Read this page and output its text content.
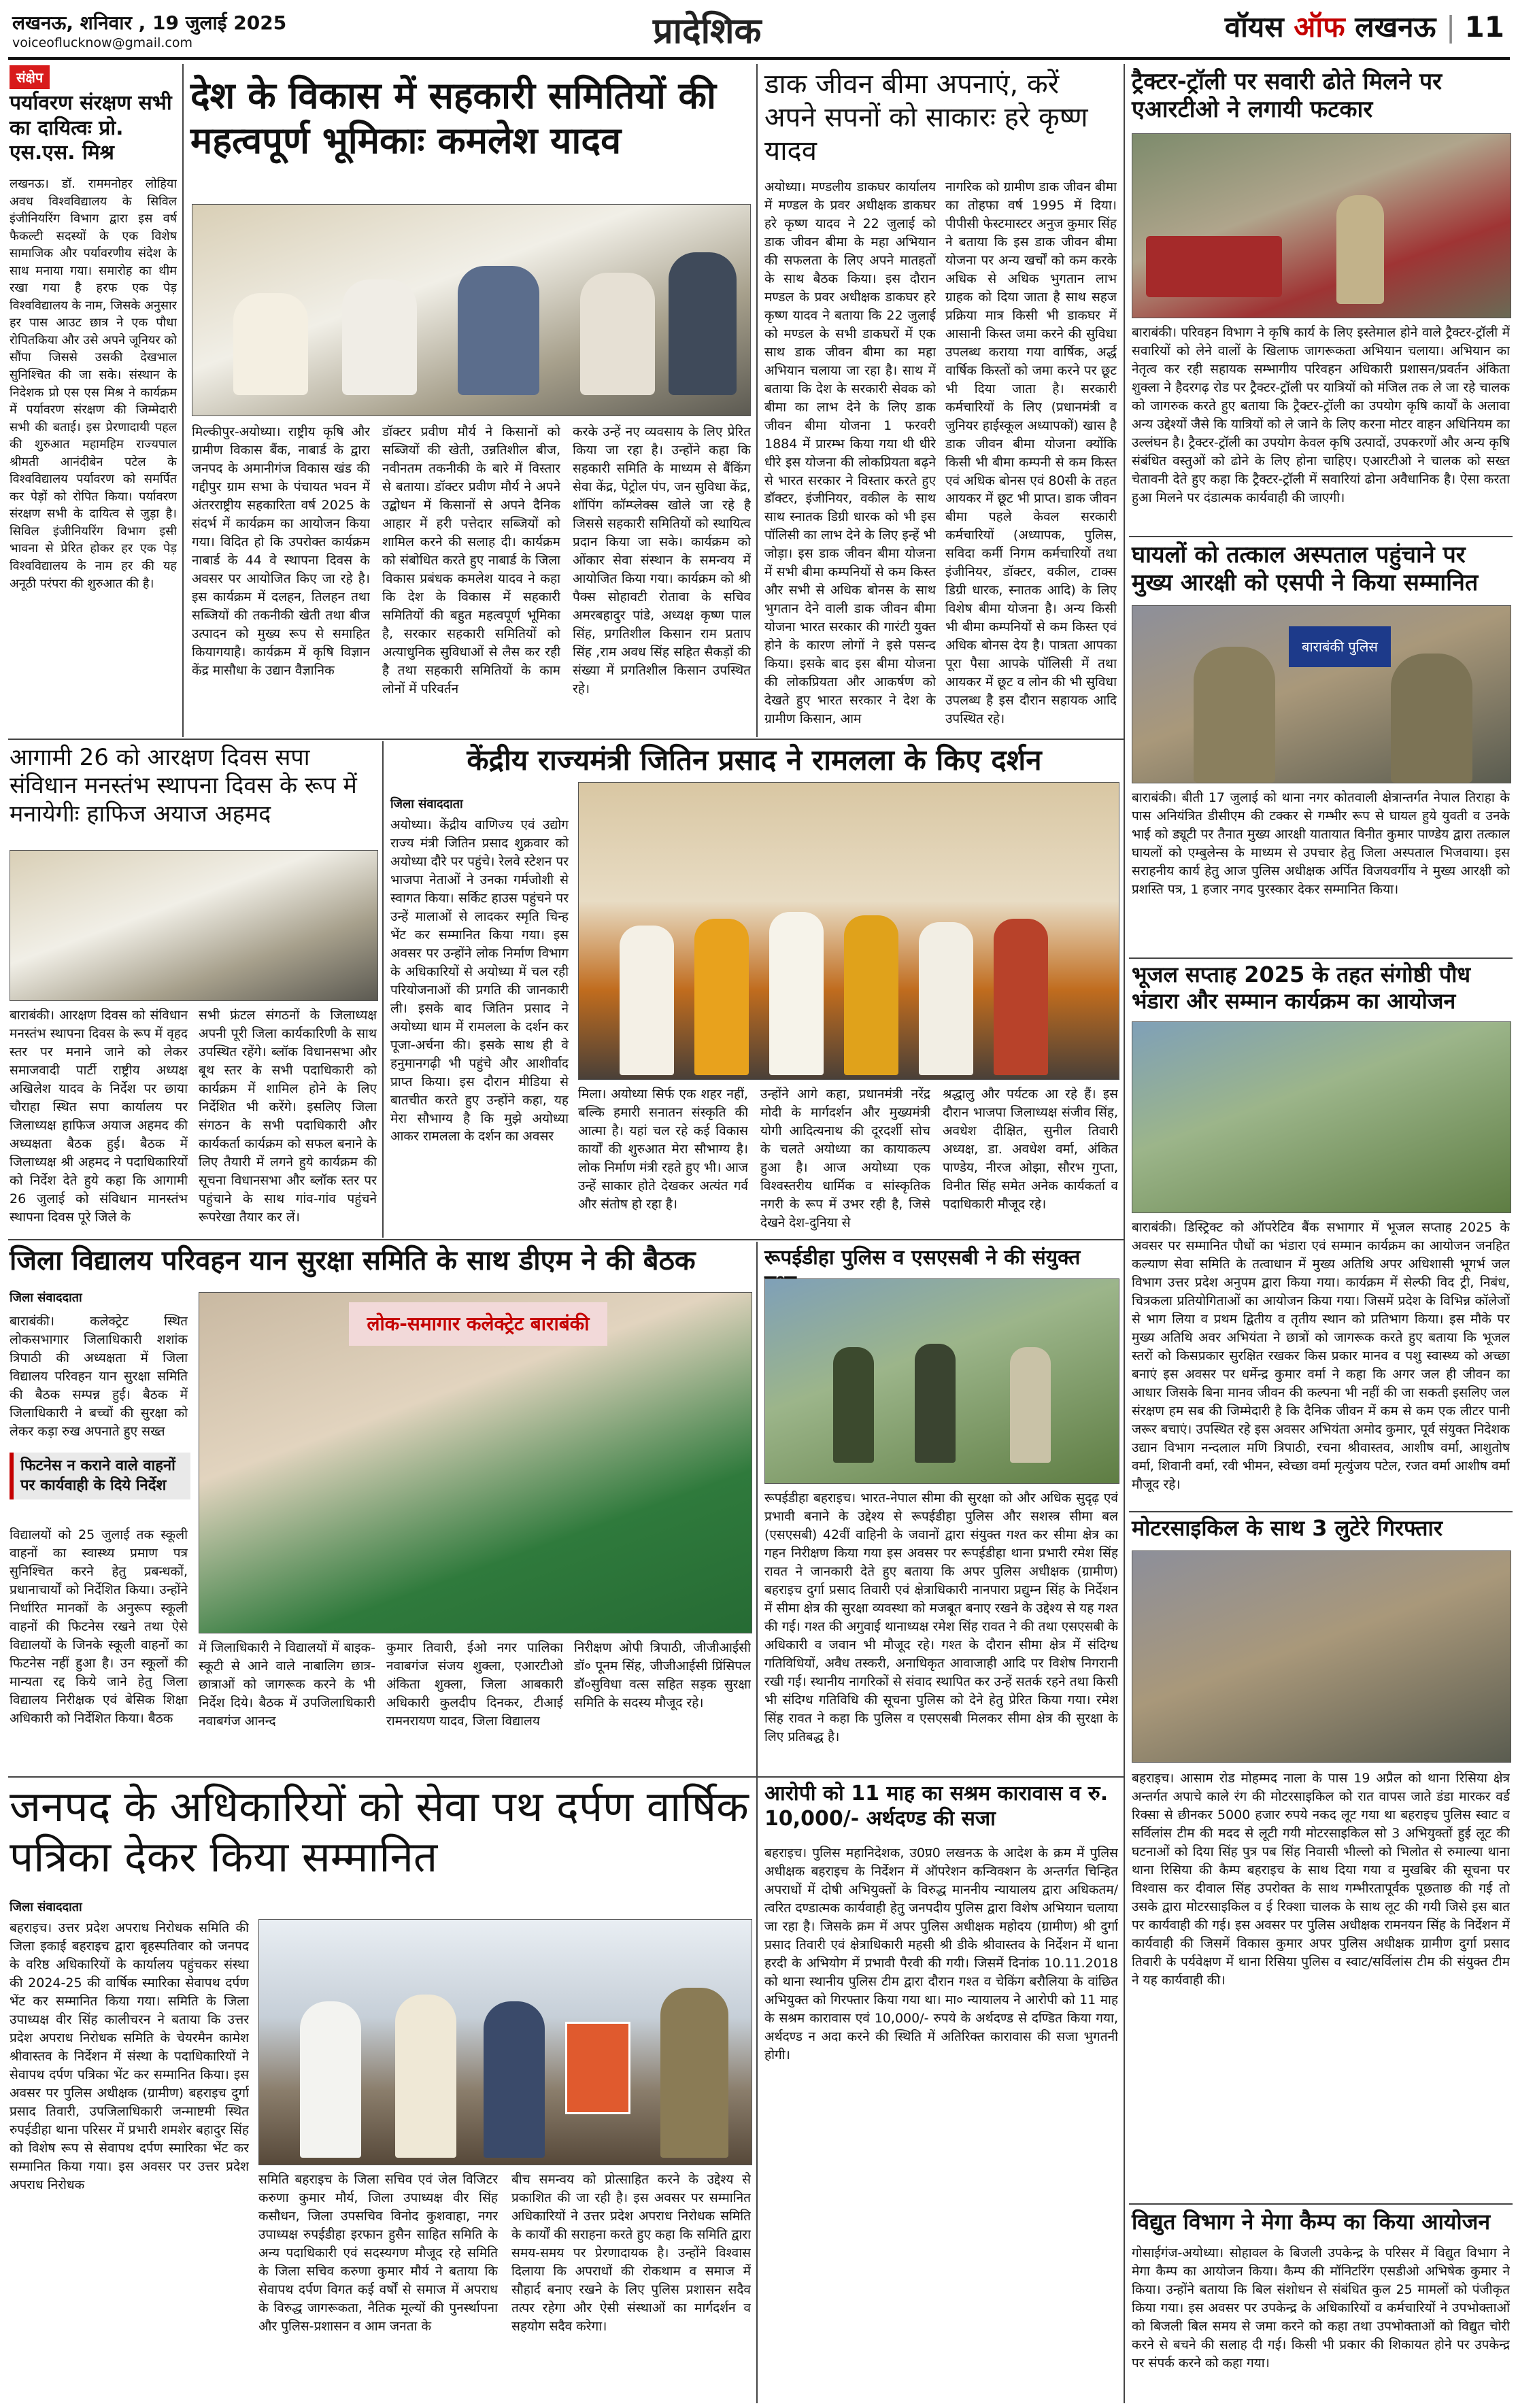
लखनऊ, शनिवार , 19 जुलाई 2025
voiceoflucknow@gmail.com	प्रादेशिक	वॉयस ऑफ लखनऊ | 11
संक्षेप
पर्यावरण संरक्षण सभी का दायित्वः प्रो. एस.एस. मिश्र
लखनऊ। डॉ. राममनोहर लोहिया अवध विश्वविद्यालय के सिविल इंजीनियरिंग विभाग द्वारा इस वर्ष फैकल्टी सदस्यों के एक विशेष सामाजिक और पर्यावरणीय संदेश के साथ मनाया गया। समारोह का थीम रखा गया है हरफ एक पेड़ विश्वविद्यालय के नाम, जिसके अनुसार हर पास आउट छात्र ने एक पौधा रोपितकिया और उसे अपने जूनियर को सौंपा जिससे उसकी देखभाल सुनिश्चित की जा सके। संस्थान के निदेशक प्रो एस एस मिश्र ने कार्यक्रम में पर्यावरण संरक्षण की जिम्मेदारी सभी की बताई। इस प्रेरणादायी पहल की शुरुआत महामहिम राज्यपाल श्रीमती आनंदीबेन पटेल के विश्वविद्यालय पर्यावरण को समर्पित कर पेड़ों को रोपित किया। पर्यावरण संरक्षण सभी के दायित्व से जुड़ा है। सिविल इंजीनियरिंग विभाग इसी भावना से प्रेरित होकर हर एक पेड़ विश्वविद्यालय के नाम हर की यह अनूठी परंपरा की शुरुआत की है।
देश के विकास में सहकारी समितियों की महत्वपूर्ण भूमिकाः कमलेश यादव
मिल्कीपुर-अयोध्या। राष्ट्रीय कृषि और ग्रामीण विकास बैंक, नाबार्ड के द्वारा जनपद के अमानीगंज विकास खंड की गद्दीपुर ग्राम सभा के पंचायत भवन में अंतरराष्ट्रीय सहकारिता वर्ष 2025 के संदर्भ में कार्यक्रम का आयोजन किया गया। विदित हो कि उपरोक्त कार्यक्रम नाबार्ड के 44 वे स्थापना दिवस के अवसर पर आयोजित किए जा रहे है। इस कार्यक्रम में दलहन, तिलहन तथा सब्जियों की तकनीकी खेती तथा बीज उत्पादन को मुख्य रूप से समाहित कियागयाहै। कार्यक्रम में कृषि विज्ञान केंद्र मासौधा के उद्यान वैज्ञानिक
डॉक्टर प्रवीण मौर्य ने किसानों को सब्जियों की खेती, उन्नतिशील बीज, नवीनतम तकनीकी के बारे में विस्तार से बताया। डॉक्टर प्रवीण मौर्य ने अपने उद्बोधन में किसानों से अपने दैनिक आहार में हरी पत्तेदार सब्जियों को शामिल करने की सलाह दी। कार्यक्रम को संबोधित करते हुए नाबार्ड के जिला विकास प्रबंधक कमलेश यादव ने कहा कि देश के विकास में सहकारी समितियों की बहुत महत्वपूर्ण भूमिका है, सरकार सहकारी समितियों को अत्याधुनिक सुविधाओं से लैस कर रही है तथा सहकारी समितियों के काम लोनों में परिवर्तन
करके उन्हें नए व्यवसाय के लिए प्रेरित किया जा रहा है। उन्होंने कहा कि सहकारी समिति के माध्यम से बैंकिंग सेवा केंद्र, पेट्रोल पंप, जन सुविधा केंद्र, शॉपिंग कॉम्प्लेक्स खोले जा रहे है जिससे सहकारी समितियों को स्थायित्व प्रदान किया जा सके। कार्यक्रम को ओंकार सेवा संस्थान के समन्वय में आयोजित किया गया। कार्यक्रम को श्री पैक्स सोहावटी रोतावा के सचिव अमरबहादुर पांडे, अध्यक्ष कृष्ण पाल सिंह, प्रगतिशील किसान राम प्रताप सिंह ,राम अवध सिंह सहित सैकड़ों की संख्या में प्रगतिशील किसान उपस्थित रहे।
डाक जीवन बीमा अपनाएं, करें अपने सपनों को साकारः हरे कृष्ण यादव
अयोध्या। मण्डलीय डाकघर कार्यालय में मण्डल के प्रवर अधीक्षक डाकघर हरे कृष्ण यादव ने 22 जुलाई को डाक जीवन बीमा के महा अभियान की सफलता के लिए अपने मातहतों के साथ बैठक किया। इस दौरान मण्डल के प्रवर अधीक्षक डाकघर हरे कृष्ण यादव ने बताया कि 22 जुलाई को मण्डल के सभी डाकघरों में एक साथ डाक जीवन बीमा का महा अभियान चलाया जा रहा है। साथ में बताया कि देश के सरकारी सेवक को बीमा का लाभ देने के लिए डाक जीवन बीमा योजना 1 फरवरी 1884 में प्रारम्भ किया गया थी धीरे धीरे इस योजना की लोकप्रियता बढ़ने से भारत सरकार ने विस्तार करते हुए डॉक्टर, इंजीनियर, वकील के साथ साथ स्नातक डिग्री धारक को भी इस पॉलिसी का लाभ देने के लिए इन्हें भी जोड़ा। इस डाक जीवन बीमा योजना में सभी बीमा कम्पनियों से कम किस्त और सभी से अधिक बोनस के साथ भुगतान देने वाली डाक जीवन बीमा योजना भारत सरकार की गारंटी युक्त होने के कारण लोगों ने इसे पसन्द किया। इसके बाद इस बीमा योजना की लोकप्रियता और आकर्षण को देखते हुए भारत सरकार ने देश के ग्रामीण किसान, आम
नागरिक को ग्रामीण डाक जीवन बीमा का तोहफा वर्ष 1995 में दिया। पीपीसी फेस्टमास्टर अनुज कुमार सिंह ने बताया कि इस डाक जीवन बीमा योजना पर अन्य खर्चों को कम करके अधिक से अधिक भुगतान लाभ ग्राहक को दिया जाता है साथ सहज प्रक्रिया मात्र किसी भी डाकघर में आसानी किस्त जमा करने की सुविधा उपलब्ध कराया गया वार्षिक, अर्द्ध वार्षिक किस्तों को जमा करने पर छूट भी दिया जाता है। सरकारी कर्मचारियों के लिए (प्रधानमंत्री व जुनियर हाईस्कूल अध्यापकों) खास है डाक जीवन बीमा योजना क्योंकि किसी भी बीमा कम्पनी से कम किस्त एवं अधिक बोनस एवं 80सी के तहत आयकर में छूट भी प्राप्त। डाक जीवन बीमा पहले केवल सरकारी कर्मचारियों (अध्यापक, पुलिस, सविदा कर्मी निगम कर्मचारियों तथा इंजीनियर, डॉक्टर, वकील, टाक्स डिग्री धारक, स्नातक आदि) के लिए विशेष बीमा योजना है। अन्य किसी भी बीमा कम्पनियों से कम किस्त एवं अधिक बोनस देय है। पात्रता आपका पूरा पैसा आपके पॉलिसी में तथा आयकर में छूट व लोन की भी सुविधा उपलब्ध है इस दौरान सहायक आदि उपस्थित रहे।
ट्रैक्टर-ट्रॉली पर सवारी ढोते मिलने पर एआरटीओ ने लगायी फटकार
बाराबंकी। परिवहन विभाग ने कृषि कार्य के लिए इस्तेमाल होने वाले ट्रैक्टर-ट्रॉली में सवारियों को लेने वालों के खिलाफ जागरूकता अभियान चलाया। अभियान का नेतृत्व कर रही सहायक सम्भागीय परिवहन अधिकारी प्रशासन/प्रवर्तन अंकिता शुक्ला ने हैदरगढ़ रोड पर ट्रैक्टर-ट्रॉली पर यात्रियों को मंजिल तक ले जा रहे चालक को जागरुक करते हुए बताया कि ट्रैक्टर-ट्रॉली का उपयोग कृषि कार्यों के अलावा अन्य उद्देश्यों जैसे कि यात्रियों को ले जाने के लिए करना मोटर वाहन अधिनियम का उल्लंघन है। ट्रैक्टर-ट्रॉली का उपयोग केवल कृषि उत्पादों, उपकरणों और अन्य कृषि संबंधित वस्तुओं को ढोने के लिए होना चाहिए। एआरटीओ ने चालक को सख्त चेतावनी देते हुए कहा कि ट्रैक्टर-ट्रॉली में सवारियां ढोना अवैधानिक है। ऐसा करता हुआ मिलने पर दंडात्मक कार्यवाही की जाएगी।
घायलों को तत्काल अस्पताल पहुंचाने पर मुख्य आरक्षी को एसपी ने किया सम्मानित
बाराबंकी पुलिस
बाराबंकी। बीती 17 जुलाई को थाना नगर कोतवाली क्षेत्रान्तर्गत नेपाल तिराहा के पास अनियंत्रित डीसीएम की टक्कर से गम्भीर रूप से घायल हुये युवती व उनके भाई को ड्यूटी पर तैनात मुख्य आरक्षी यातायात विनीत कुमार पाण्डेय द्वारा तत्काल घायलों को एम्बुलेन्स के माध्यम से उपचार हेतु जिला अस्पताल भिजवाया। इस सराहनीय कार्य हेतु आज पुलिस अधीक्षक अर्पित विजयवर्गीय ने मुख्य आरक्षी को प्रशस्ति पत्र, 1 हजार नगद पुरस्कार देकर सम्मानित किया।
भूजल सप्ताह 2025 के तहत संगोष्ठी पौध भंडारा और सम्मान कार्यक्रम का आयोजन
बाराबंकी। डिस्ट्रिक्ट को ऑपरेटिव बैंक सभागार में भूजल सप्ताह 2025 के अवसर पर सम्मानित पौधों का भंडारा एवं सम्मान कार्यक्रम का आयोजन जनहित कल्याण सेवा समिति के तत्वाधान में मुख्य अतिथि अपर अधिशासी भूगर्भ जल विभाग उत्तर प्रदेश अनुपम द्वारा किया गया। कार्यक्रम में सेल्फी विद ट्री, निबंध, चित्रकला प्रतियोगिताओं का आयोजन किया गया। जिसमें प्रदेश के विभिन्न कॉलेजों से भाग लिया व प्रथम द्वितीय व तृतीय स्थान को प्रतिभाग किया। इस मौके पर मुख्य अतिथि अवर अभियंता ने छात्रों को जागरूक करते हुए बताया कि भूजल स्तरों को किसप्रकार सुरक्षित रखकर किस प्रकार मानव व पशु स्वास्थ्य को अच्छा बनाएं इस अवसर पर धर्मेन्द्र कुमार वर्मा ने कहा कि अगर जल ही जीवन का आधार जिसके बिना मानव जीवन की कल्पना भी नहीं की जा सकती इसलिए जल संरक्षण हम सब की जिम्मेदारी है कि दैनिक जीवन में कम से कम एक लीटर पानी जरूर बचाएं। उपस्थित रहे इस अवसर अभियंता अमोद कुमार, पूर्व संयुक्त निदेशक उद्यान विभाग नन्दलाल मणि त्रिपाठी, रचना श्रीवास्तव, आशीष वर्मा, आशुतोष वर्मा, शिवानी वर्मा, रवी भीमन, स्वेच्छा वर्मा मृत्युंजय पटेल, रजत वर्मा आशीष वर्मा मौजूद रहे।
मोटरसाइकिल के साथ 3 लुटेरे गिरफ्तार
बहराइच। आसाम रोड मोहम्मद नाला के पास 19 अप्रैल को थाना रिसिया क्षेत्र अन्तर्गत अपाचे काले रंग की मोटरसाइकिल को रात वापस जाते डंडा मारकर वर्ड रिक्सा से छीनकर 5000 हजार रुपये नकद लूट गया था बहराइच पुलिस स्वाट व सर्विलांस टीम की मदद से लूटी गयी मोटरसाइकिल सो 3 अभियुक्तों हुई लूट की घटनाओं को दिया सिंह पुत्र पब सिंह निवासी भील्लो को भिलोत से रुमाल्या थाना थाना रिसिया की कैम्प बहराइच के साथ दिया गया व मुखबिर की सूचना पर विश्वास कर दीवाल सिंह उपरोक्त के साथ गम्भीरतापूर्वक पूछताछ की गई तो उसके द्वारा मोटरसाइकिल व ई रिक्शा चालक के साथ लूट की गयी जिसे इस बात पर कार्यवाही की गई। इस अवसर पर पुलिस अधीक्षक रामनयन सिंह के निर्देशन में कार्यवाही की जिसमें विकास कुमार अपर पुलिस अधीक्षक ग्रामीण दुर्गा प्रसाद तिवारी के पर्यवेक्षण में थाना रिसिया पुलिस व स्वाट/सर्विलांस टीम की संयुक्त टीम ने यह कार्यवाही की।
विद्युत विभाग ने मेगा कैम्प का किया आयोजन
गोसाईगंज-अयोध्या। सोहावल के बिजली उपकेन्द्र के परिसर में विद्युत विभाग ने मेगा कैम्प का आयोजन किया। कैम्प की मॉनिटरिंग एसडीओ अभिषेक कुमार ने किया। उन्होंने बताया कि बिल संशोधन से संबंधित कुल 25 मामलों को पंजीकृत किया गया। इस अवसर पर उपकेन्द्र के अधिकारियों व कर्मचारियों ने उपभोक्ताओं को बिजली बिल समय से जमा करने को कहा तथा उपभोक्ताओं को विद्युत चोरी करने से बचने की सलाह दी गई। किसी भी प्रकार की शिकायत होने पर उपकेन्द्र पर संपर्क करने को कहा गया।
आगामी 26 को आरक्षण दिवस सपा संविधान मनस्तंभ स्थापना दिवस के रूप में मनायेगीः हाफिज अयाज अहमद
बाराबंकी। आरक्षण दिवस को संविधान मनस्तंभ स्थापना दिवस के रूप में वृहद स्तर पर मनाने जाने को लेकर समाजवादी पार्टी राष्ट्रीय अध्यक्ष अखिलेश यादव के निर्देश पर छाया चौराहा स्थित सपा कार्यालय पर जिलाध्यक्ष हाफिज अयाज अहमद की अध्यक्षता बैठक हुई। बैठक में जिलाध्यक्ष श्री अहमद ने पदाधिकारियों को निर्देश देते हुये कहा कि आगामी 26 जुलाई को संविधान मानस्तंभ स्थापना दिवस पूरे जिले के
सभी फ्रंटल संगठनों के जिलाध्यक्ष अपनी पूरी जिला कार्यकारिणी के साथ उपस्थित रहेंगे। ब्लॉक विधानसभा और बूथ स्तर के सभी पदाधिकारी को कार्यक्रम में शामिल होने के लिए निर्देशित भी करेंगे। इसलिए जिला संगठन के सभी पदाधिकारी और कार्यकर्ता कार्यक्रम को सफल बनाने के लिए तैयारी में लगने हुये कार्यक्रम की सूचना विधानसभा और ब्लॉक स्तर पर पहुंचाने के साथ गांव-गांव पहुंचने रूपरेखा तैयार कर लें।
केंद्रीय राज्यमंत्री जितिन प्रसाद ने रामलला के किए दर्शन
जिला संवाददाता
अयोध्या। केंद्रीय वाणिज्य एवं उद्योग राज्य मंत्री जितिन प्रसाद शुक्रवार को अयोध्या दौरे पर पहुंचे। रेलवे स्टेशन पर भाजपा नेताओं ने उनका गर्मजोशी से स्वागत किया। सर्किट हाउस पहुंचने पर उन्हें मालाओं से लादकर स्मृति चिन्ह भेंट कर सम्मानित किया गया। इस अवसर पर उन्होंने लोक निर्माण विभाग के अधिकारियों से अयोध्या में चल रही परियोजनाओं की प्रगति की जानकारी ली। इसके बाद जितिन प्रसाद ने अयोध्या धाम में रामलला के दर्शन कर पूजा-अर्चना की। इसके साथ ही वे हनुमानगढ़ी भी पहुंचे और आशीर्वाद प्राप्त किया। इस दौरान मीडिया से बातचीत करते हुए उन्होंने कहा, यह मेरा सौभाग्य है कि मुझे अयोध्या आकर रामलला के दर्शन का अवसर
मिला। अयोध्या सिर्फ एक शहर नहीं, बल्कि हमारी सनातन संस्कृति की आत्मा है। यहां चल रहे कई विकास कार्यों की शुरुआत मेरा सौभाग्य है। लोक निर्माण मंत्री रहते हुए भी। आज उन्हें साकार होते देखकर अत्यंत गर्व और संतोष हो रहा है।
उन्होंने आगे कहा, प्रधानमंत्री नरेंद्र मोदी के मार्गदर्शन और मुख्यमंत्री योगी आदित्यनाथ की दूरदर्शी सोच के चलते अयोध्या का कायाकल्प हुआ है। आज अयोध्या एक विश्वस्तरीय धार्मिक व सांस्कृतिक नगरी के रूप में उभर रही है, जिसे देखने देश-दुनिया से
श्रद्धालु और पर्यटक आ रहे हैं। इस दौरान भाजपा जिलाध्यक्ष संजीव सिंह, अवधेश दीक्षित, सुनील तिवारी अध्यक्ष, डा. अवधेश वर्मा, अंकित पाण्डेय, नीरज ओझा, सौरभ गुप्ता, विनीत सिंह समेत अनेक कार्यकर्ता व पदाधिकारी मौजूद रहे।
जिला विद्यालय परिवहन यान सुरक्षा समिति के साथ डीएम ने की बैठक
जिला संवाददाता
बाराबंकी। कलेक्ट्रेट स्थित लोकसभागार जिलाधिकारी शशांक त्रिपाठी की अध्यक्षता में जिला विद्यालय परिवहन यान सुरक्षा समिति की बैठक सम्पन्न हुई। बैठक में जिलाधिकारी ने बच्चों की सुरक्षा को लेकर कड़ा रुख अपनाते हुए सख्त
फिटनेस न कराने वाले वाहनों पर कार्यवाही के दिये निर्देश
विद्यालयों को 25 जुलाई तक स्कूली वाहनों का स्वास्थ्य प्रमाण पत्र सुनिश्चित करने हेतु प्रबन्धकों, प्रधानाचार्यों को निर्देशित किया। उन्होंने निर्धारित मानकों के अनुरूप स्कूली वाहनों की फिटनेस रखने तथा ऐसे विद्यालयों के जिनके स्कूली वाहनों का फिटनेस नहीं हुआ है। उन स्कूलों की मान्यता रद्द किये जाने हेतु जिला विद्यालय निरीक्षक एवं बेसिक शिक्षा अधिकारी को निर्देशित किया। बैठक
लोक-समागार कलेक्ट्रेट बाराबंकी
में जिलाधिकारी ने विद्यालयों में बाइक-स्कूटी से आने वाले नाबालिग छात्र-छात्राओं को जागरूक करने के भी निर्देश दिये। बैठक में उपजिलाधिकारी नवाबगंज आनन्द
कुमार तिवारी, ईओ नगर पालिका नवाबगंज संजय शुक्ला, एआरटीओ अंकिता शुक्ला, जिला आबकारी अधिकारी कुलदीप दिनकर, टीआई रामनरायण यादव, जिला विद्यालय
निरीक्षण ओपी त्रिपाठी, जीजीआईसी डॉ० पूनम सिंह, जीजीआईसी प्रिंसिपल डॉ०सुविधा वत्स सहित सड़क सुरक्षा समिति के सदस्य मौजूद रहे।
रूपईडीहा पुलिस व एसएसबी ने की संयुक्त
रूपईडीहा बहराइच। भारत-नेपाल सीमा की सुरक्षा को और अधिक सुदृढ़ एवं प्रभावी बनाने के उद्देश्य से रूपईडीहा पुलिस और सशस्त्र सीमा बल (एसएसबी) 42वीं वाहिनी के जवानों द्वारा संयुक्त गश्त कर सीमा क्षेत्र का गहन निरीक्षण किया गया इस अवसर पर रूपईडीहा थाना प्रभारी रमेश सिंह रावत ने जानकारी देते हुए बताया कि अपर पुलिस अधीक्षक (ग्रामीण) बहराइच दुर्गा प्रसाद तिवारी एवं क्षेत्राधिकारी नानपारा प्रद्युम्न सिंह के निर्देशन में सीमा क्षेत्र की सुरक्षा व्यवस्था को मजबूत बनाए रखने के उद्देश्य से यह गश्त की गई। गश्त की अगुवाई थानाध्यक्ष रमेश सिंह रावत ने की तथा एसएसबी के अधिकारी व जवान भी मौजूद रहे। गश्त के दौरान सीमा क्षेत्र में संदिग्ध गतिविधियों, अवैध तस्करी, अनाधिकृत आवाजाही आदि पर विशेष निगरानी रखी गई। स्थानीय नागरिकों से संवाद स्थापित कर उन्हें सतर्क रहने तथा किसी भी संदिग्ध गतिविधि की सूचना पुलिस को देने हेतु प्रेरित किया गया। रमेश सिंह रावत ने कहा कि पुलिस व एसएसबी मिलकर सीमा क्षेत्र की सुरक्षा के लिए प्रतिबद्ध है।
आरोपी को 11 माह का सश्रम कारावास व रु. 10,000/- अर्थदण्ड की सजा
बहराइच। पुलिस महानिदेशक, उ0प्र0 लखनऊ के आदेश के क्रम में पुलिस अधीक्षक बहराइच के निर्देशन में ऑपरेशन कन्विक्शन के अन्तर्गत चिन्हित अपराधों में दोषी अभियुक्तों के विरुद्ध माननीय न्यायालय द्वारा अधिकतम/त्वरित दण्डात्मक कार्यवाही हेतु जनपदीय पुलिस द्वारा विशेष अभियान चलाया जा रहा है। जिसके क्रम में अपर पुलिस अधीक्षक महोदय (ग्रामीण) श्री दुर्गा प्रसाद तिवारी एवं क्षेत्राधिकारी महसी श्री डीके श्रीवास्तव के निर्देशन में थाना हरदी के अभियोग में प्रभावी पैरवी की गयी। जिसमें दिनांक 10.11.2018 को थाना स्थानीय पुलिस टीम द्वारा दौरान गश्त व चेकिंग बरौलिया के वांछित अभियुक्त को गिरफ्तार किया गया था। मा० न्यायालय ने आरोपी को 11 माह के सश्रम कारावास एवं 10,000/- रुपये के अर्थदण्ड से दण्डित किया गया, अर्थदण्ड न अदा करने की स्थिति में अतिरिक्त कारावास की सजा भुगतनी होगी।
जनपद के अधिकारियों को सेवा पथ दर्पण वार्षिक पत्रिका देकर किया सम्मानित
जिला संवाददाता
बहराइच। उत्तर प्रदेश अपराध निरोधक समिति की जिला इकाई बहराइच द्वारा बृहस्पतिवार को जनपद के वरिष्ठ अधिकारियों के कार्यालय पहुंचकर संस्था की 2024-25 की वार्षिक स्मारिका सेवापथ दर्पण भेंट कर सम्मानित किया गया। समिति के जिला उपाध्यक्ष वीर सिंह कालीचरन ने बताया कि उत्तर प्रदेश अपराध निरोधक समिति के चेयरमैन कामेश श्रीवास्तव के निर्देशन में संस्था के पदाधिकारियों ने सेवापथ दर्पण पत्रिका भेंट कर सम्मानित किया। इस अवसर पर पुलिस अधीक्षक (ग्रामीण) बहराइच दुर्गा प्रसाद तिवारी, उपजिलाधिकारी जन्माष्टमी स्थित रुपईडीहा थाना परिसर में प्रभारी शमशेर बहादुर सिंह को विशेष रूप से सेवापथ दर्पण स्मारिका भेंट कर सम्मानित किया गया। इस अवसर पर उत्तर प्रदेश अपराध निरोधक	समिति बहराइच के जिला सचिव एवं जेल विजिटर करुणा कुमार मौर्य, जिला उपाध्यक्ष वीर सिंह कसौधन, जिला उपसचिव विनोद कुशवाहा, नगर उपाध्यक्ष रुपईडीहा इरफान हुसैन साहित समिति के अन्य पदाधिकारी एवं सदस्यगण मौजूद रहे समिति के जिला सचिव करुणा कुमार मौर्य ने बताया कि सेवापथ दर्पण विगत कई वर्षों से समाज में अपराध के विरुद्ध जागरूकता, नैतिक मूल्यों की पुनर्स्थापना और पुलिस-प्रशासन व आम जनता के
बीच समन्वय को प्रोत्साहित करने के उद्देश्य से प्रकाशित की जा रही है। इस अवसर पर सम्मानित अधिकारियों ने उत्तर प्रदेश अपराध निरोधक समिति के कार्यों की सराहना करते हुए कहा कि समिति द्वारा समय-समय पर प्रेरणादायक है। उन्होंने विश्वास दिलाया कि अपराधों की रोकथाम व समाज में सौहार्द बनाए रखने के लिए पुलिस प्रशासन सदैव तत्पर रहेगा और ऐसी संस्थाओं का मार्गदर्शन व सहयोग सदैव करेगा।
